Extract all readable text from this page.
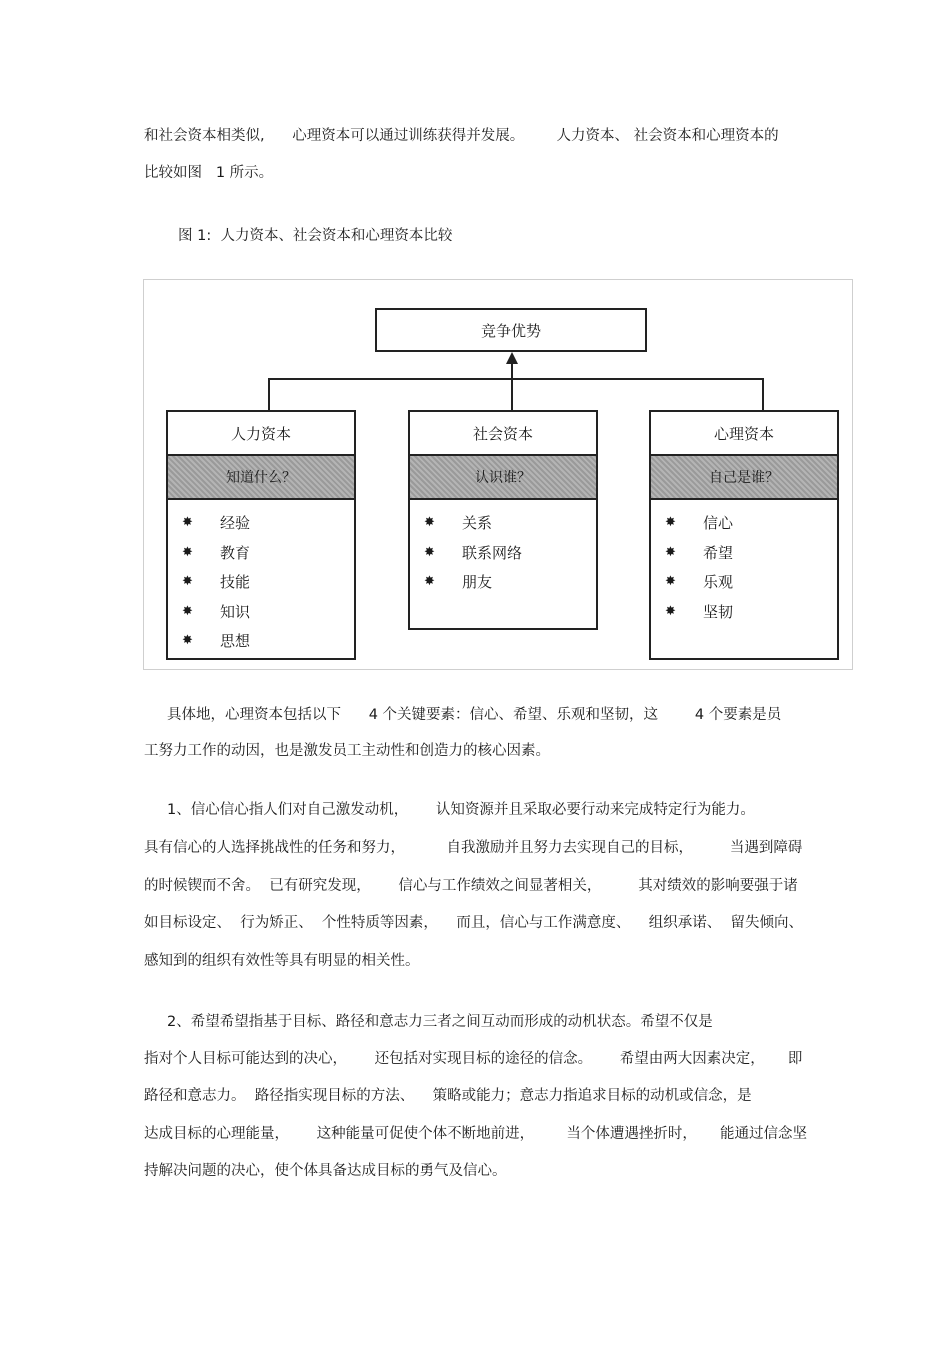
和社会资本相类似,      心理资本可以通过训练获得并发展。       人力资本、 社会资本和心理资本的
比较如图   1 所示。
图 1:  人力资本、社会资本和心理资本比较
竞争优势
人力资本
知道什么？
✸	经验
✸	教育
✸	技能
✸	知识
✸	思想
社会资本
认识谁？
✸	关系
✸	联系网络
✸	朋友
心理资本
自己是谁？
✸	信心
✸	希望
✸	乐观
✸	坚韧
具体地，心理资本包括以下      4 个关键要素：信心、希望、乐观和坚韧，这        4 个要素是员
工努力工作的动因，也是激发员工主动性和创造力的核心因素。
1、信心信心指人们对自己激发动机，      认知资源并且采取必要行动来完成特定行为能力。
具有信心的人选择挑战性的任务和努力，         自我激励并且努力去实现自己的目标，        当遇到障碍
的时候锲而不舍。  已有研究发现，      信心与工作绩效之间显著相关，        其对绩效的影响要强于诸
如目标设定、  行为矫正、  个性特质等因素，    而且，信心与工作满意度、    组织承诺、  留失倾向、
感知到的组织有效性等具有明显的相关性。
2、希望希望指基于目标、路径和意志力三者之间互动而形成的动机状态。希望不仅是
指对个人目标可能达到的决心，      还包括对实现目标的途径的信念。      希望由两大因素决定，     即
路径和意志力。  路径指实现目标的方法、    策略或能力；意志力指追求目标的动机或信念，是
达成目标的心理能量，      这种能量可促使个体不断地前进，       当个体遭遇挫折时，     能通过信念坚
持解决问题的决心，使个体具备达成目标的勇气及信心。
